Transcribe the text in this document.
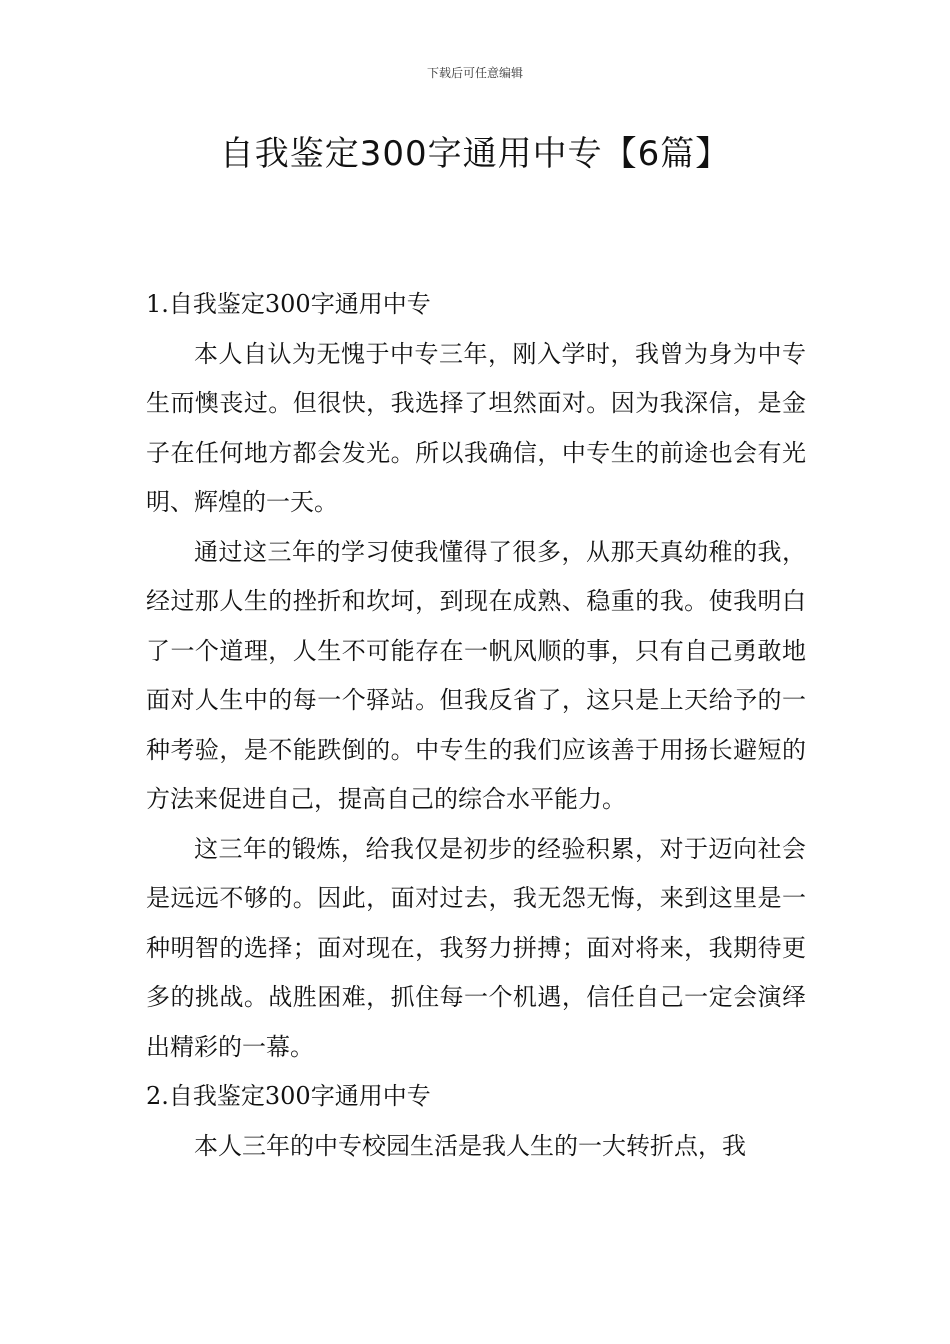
下载后可任意编辑
自我鉴定300字通用中专【6篇】

1.自我鉴定300字通用中专

本人自认为无愧于中专三年，刚入学时，我曾为身为中专生而懊丧过。但很快，我选择了坦然面对。因为我深信，是金子在任何地方都会发光。所以我确信，中专生的前途也会有光明、辉煌的一天。

通过这三年的学习使我懂得了很多，从那天真幼稚的我，经过那人生的挫折和坎坷，到现在成熟、稳重的我。使我明白了一个道理，人生不可能存在一帆风顺的事，只有自己勇敢地面对人生中的每一个驿站。但我反省了，这只是上天给予的一种考验，是不能跌倒的。中专生的我们应该善于用扬长避短的方法来促进自己，提高自己的综合水平能力。

这三年的锻炼，给我仅是初步的经验积累，对于迈向社会是远远不够的。因此，面对过去，我无怨无悔，来到这里是一种明智的选择；面对现在，我努力拼搏；面对将来，我期待更多的挑战。战胜困难，抓住每一个机遇，信任自己一定会演绎出精彩的一幕。

2.自我鉴定300字通用中专

本人三年的中专校园生活是我人生的一大转折点，我
